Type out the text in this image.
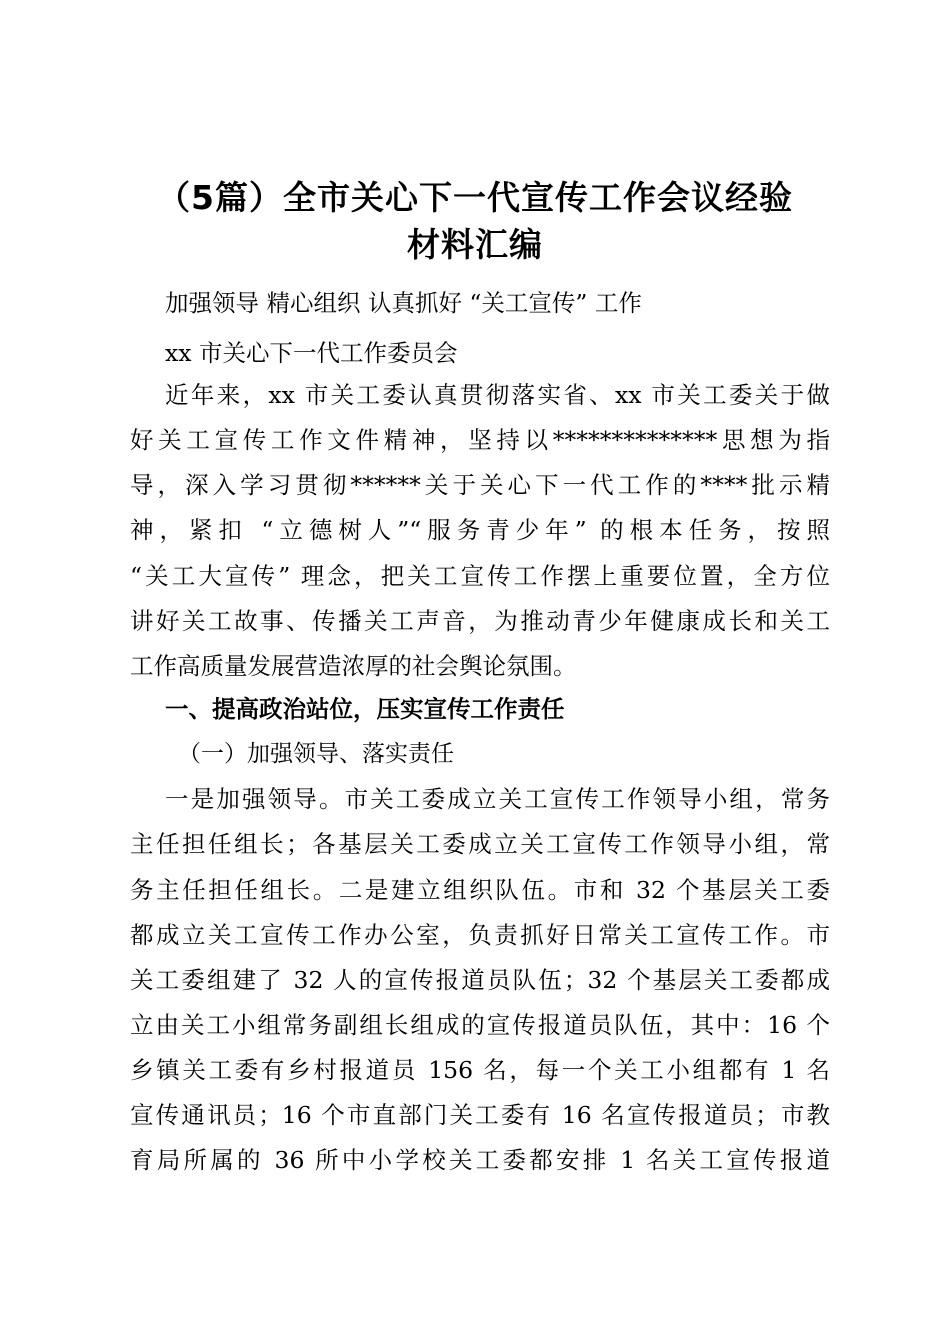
（5篇）全市关心下一代宣传工作会议经验
材料汇编
加强领导 精心组织 认真抓好 “关工宣传” 工作
xx 市关心下一代工作委员会
近年来，xx 市关工委认真贯彻落实省、xx 市关工委关于做
好关工宣传工作文件精神，坚持以**************思想为指
导，深入学习贯彻******关于关心下一代工作的****批示精
神，紧扣 “立德树人”“服务青少年” 的根本任务，按照
“关工大宣传” 理念，把关工宣传工作摆上重要位置，全方位
讲好关工故事、传播关工声音，为推动青少年健康成长和关工
工作高质量发展营造浓厚的社会舆论氛围。
一、提高政治站位，压实宣传工作责任
（一）加强领导、落实责任
一是加强领导。市关工委成立关工宣传工作领导小组，常务
主任担任组长；各基层关工委成立关工宣传工作领导小组，常
务主任担任组长。二是建立组织队伍。市和 32 个基层关工委
都成立关工宣传工作办公室，负责抓好日常关工宣传工作。市
关工委组建了 32 人的宣传报道员队伍；32 个基层关工委都成
立由关工小组常务副组长组成的宣传报道员队伍，其中：16 个
乡镇关工委有乡村报道员 156 名，每一个关工小组都有 1 名
宣传通讯员；16 个市直部门关工委有 16 名宣传报道员；市教
育局所属的 36 所中小学校关工委都安排 1 名关工宣传报道
